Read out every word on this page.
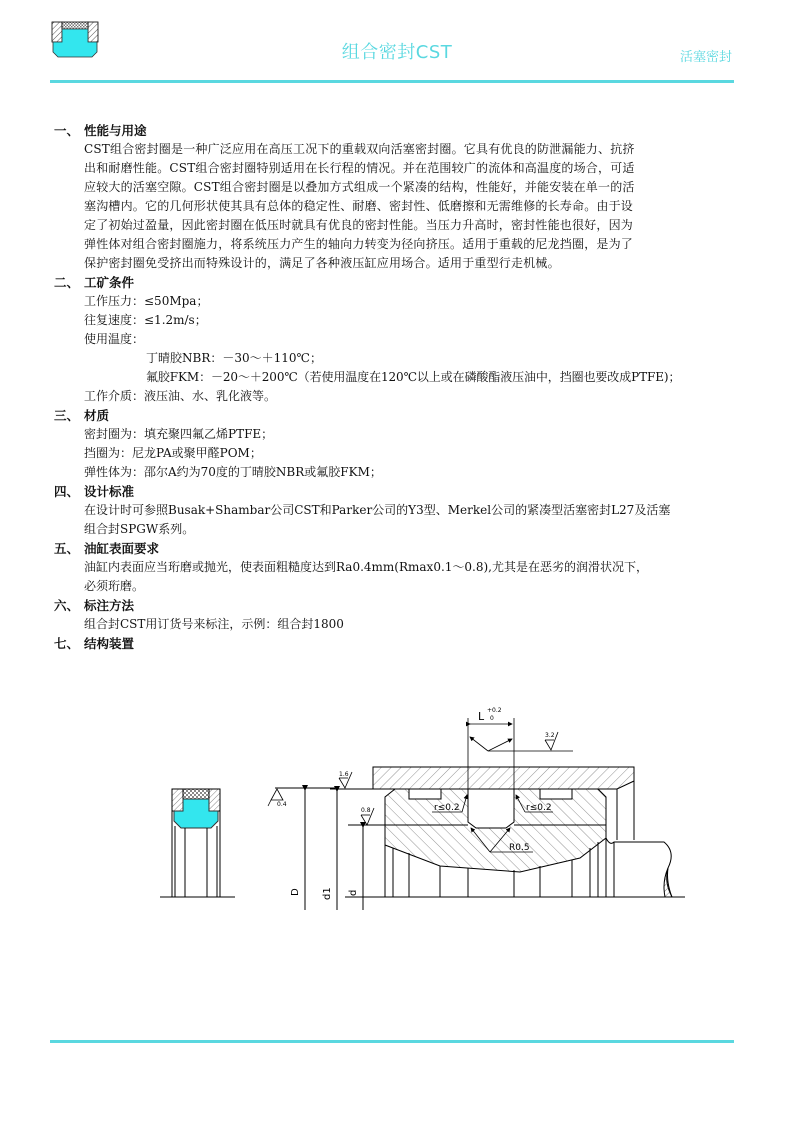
组合密封CST	活塞密封
一、 性能与用途
CST组合密封圈是一种广泛应用在高压工况下的重载双向活塞密封圈。它具有优良的防泄漏能力、抗挤
出和耐磨性能。CST组合密封圈特别适用在长行程的情况。并在范围较广的流体和高温度的场合，可适
应较大的活塞空隙。CST组合密封圈是以叠加方式组成一个紧凑的结构，性能好，并能安装在单一的活
塞沟槽内。它的几何形状使其具有总体的稳定性、耐磨、密封性、低磨擦和无需维修的长寿命。由于设
定了初始过盈量，因此密封圈在低压时就具有优良的密封性能。当压力升高时，密封性能也很好，因为
弹性体对组合密封圈施力，将系统压力产生的轴向力转变为径向挤压。适用于重载的尼龙挡圈，是为了
保护密封圈免受挤出而特殊设计的，满足了各种液压缸应用场合。适用于重型行走机械。
二、 工矿条件
工作压力：≤50Mpa；
往复速度：≤1.2m/s；
使用温度：
丁晴胶NBR：－30～＋110℃；
氟胶FKM：－20～＋200℃（若使用温度在120℃以上或在磷酸酯液压油中，挡圈也要改成PTFE)；
工作介质：液压油、水、乳化液等。
三、 材质
密封圈为：填充聚四氟乙烯PTFE；
挡圈为：尼龙PA或聚甲醛POM；
弹性体为：邵尔A约为70度的丁晴胶NBR或氟胶FKM；
四、 设计标准
在设计时可参照Busak+Shambar公司CST和Parker公司的Y3型、Merkel公司的紧凑型活塞密封L27及活塞
组合封SPGW系列。
五、 油缸表面要求
油缸内表面应当珩磨或抛光，使表面粗糙度达到Ra0.4mm(Rmax0.1～0.8),尤其是在恶劣的润滑状况下，
必须珩磨。
六、 标注方法
组合封CST用订货号来标注，示例：组合封1800
七、 结构装置
D d1 d
1.6
0.4
0.8
3.2
L +0.2
0
r≤0.2	r≤0.2
R0.5
